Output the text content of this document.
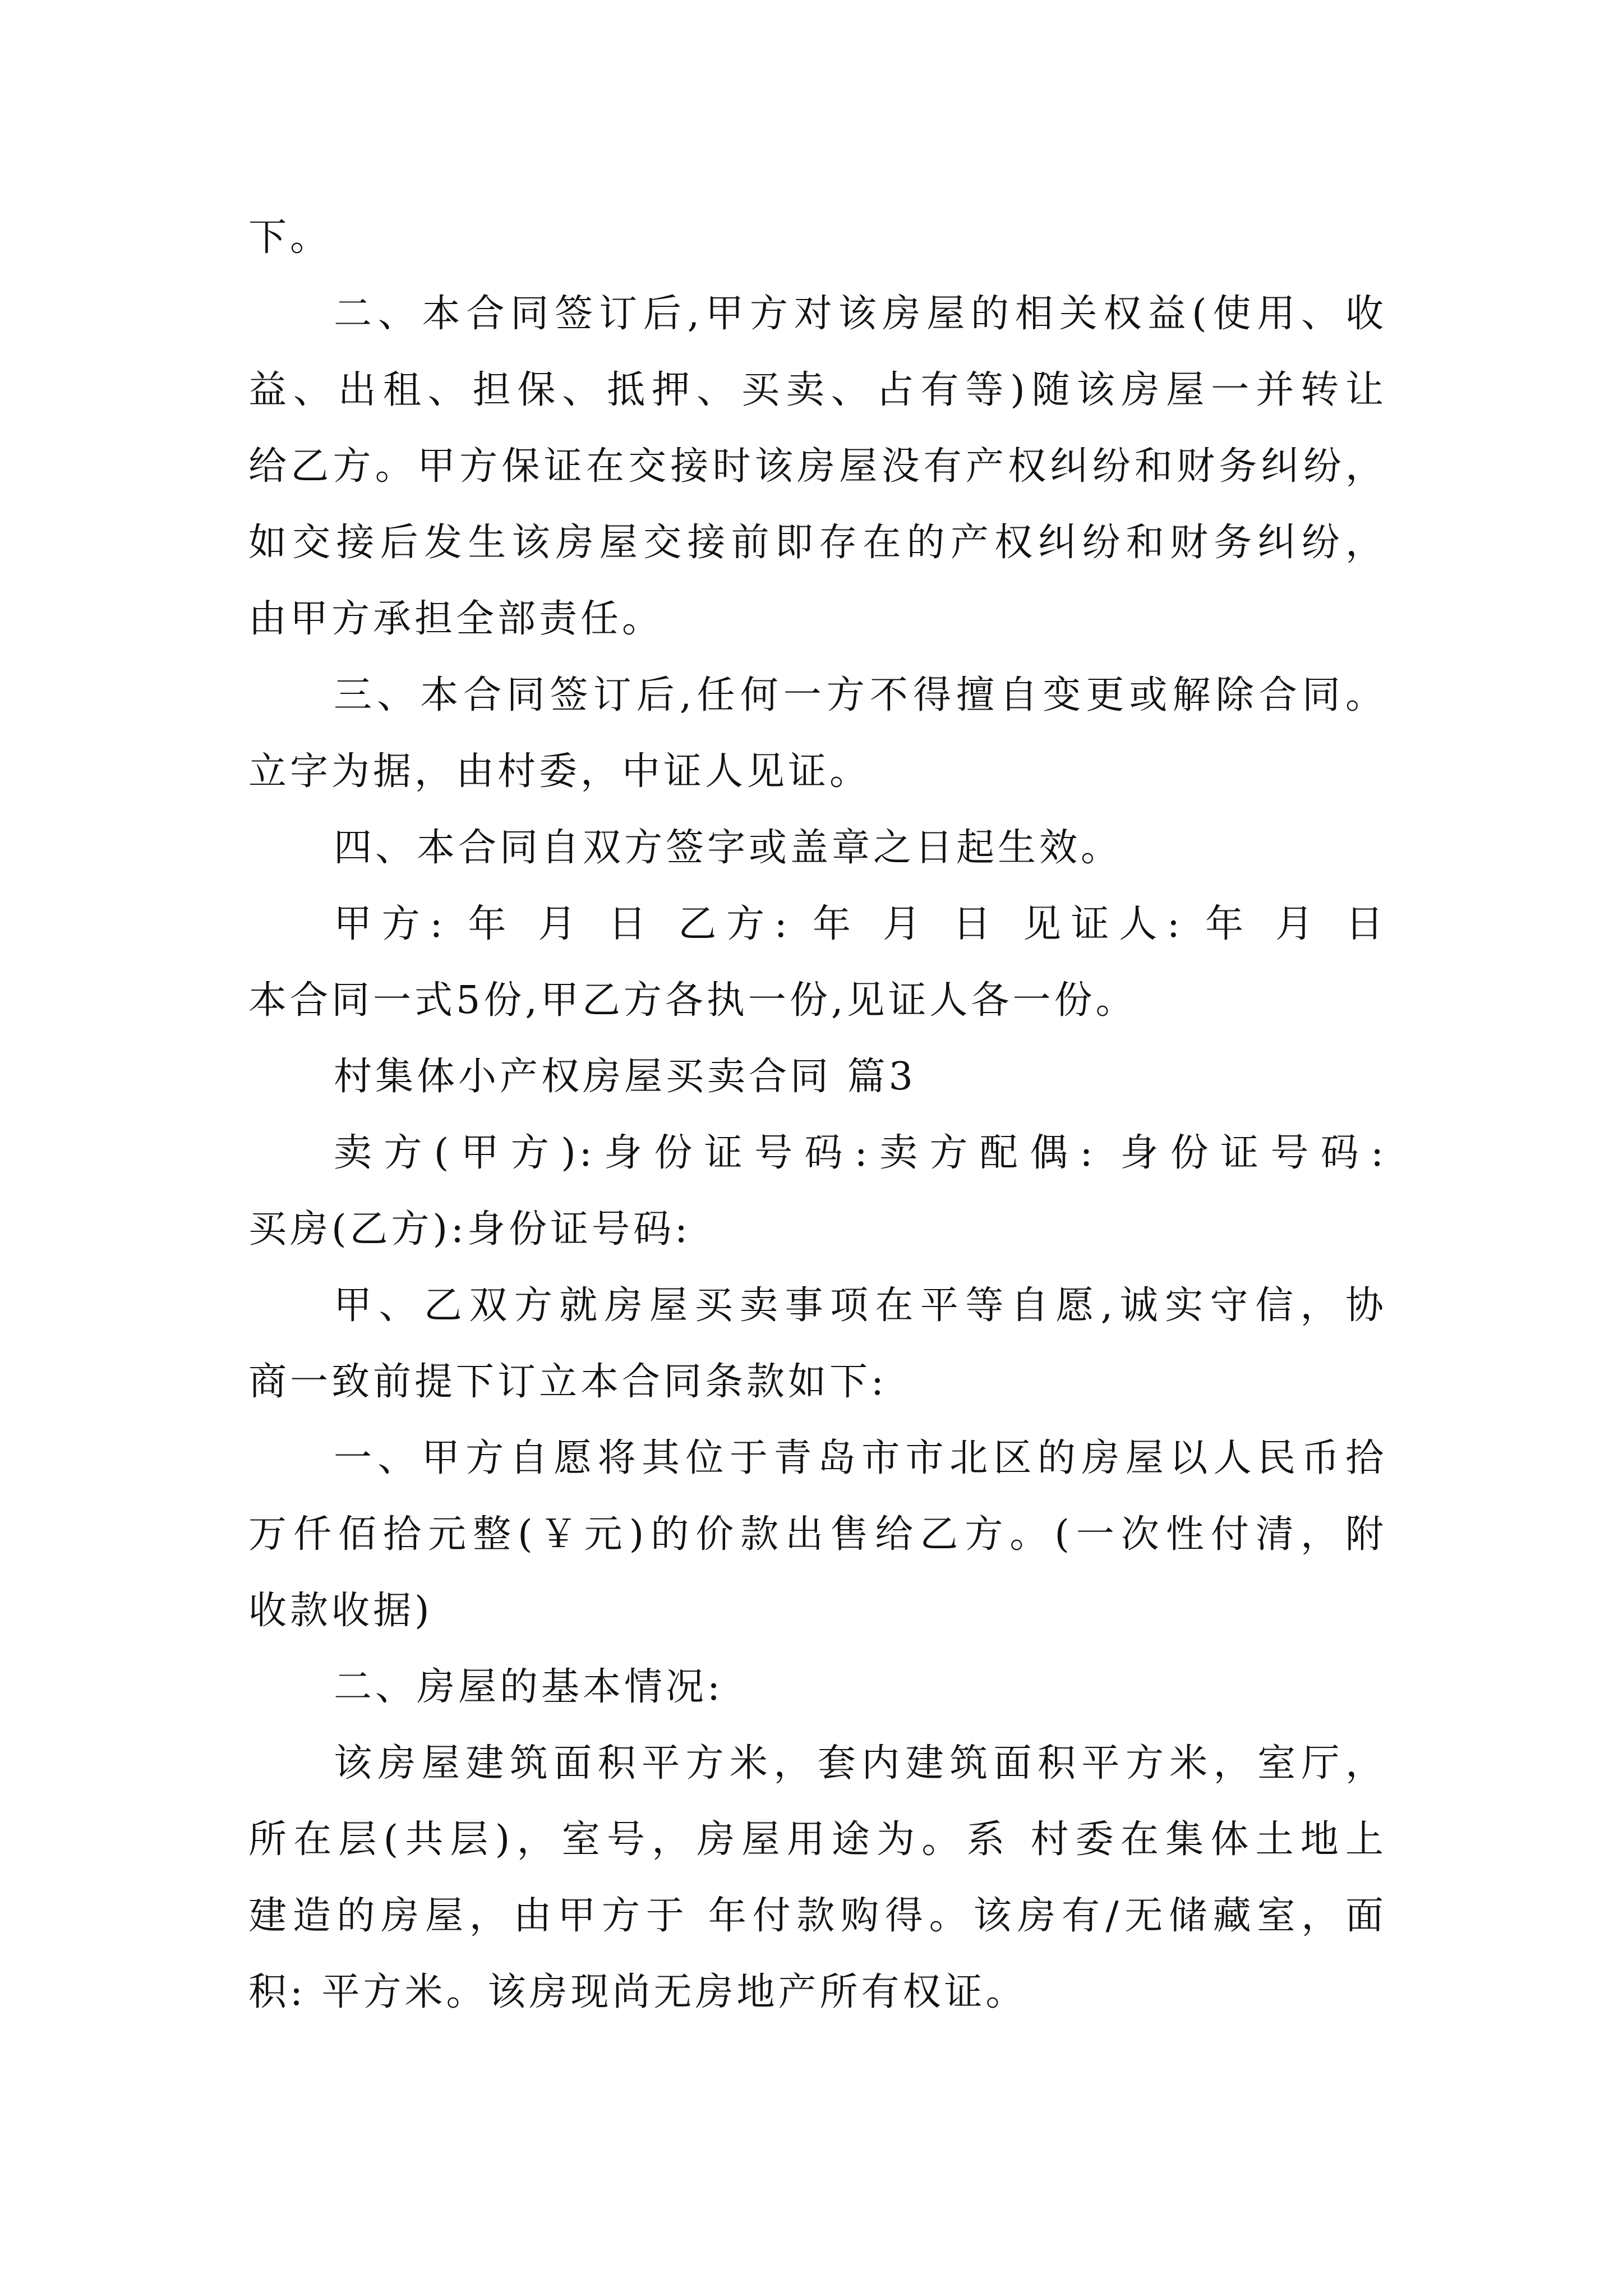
下。
二、本合同签订后,甲方对该房屋的相关权益(使用、收
益、出租、担保、抵押、买卖、占有等)随该房屋一并转让
给乙方。甲方保证在交接时该房屋没有产权纠纷和财务纠纷，
如交接后发生该房屋交接前即存在的产权纠纷和财务纠纷，
由甲方承担全部责任。
三、本合同签订后,任何一方不得擅自变更或解除合同。
立字为据，由村委，中证人见证。
四、本合同自双方签字或盖章之日起生效。
甲方: 年 月 日 乙方: 年 月 日 见证人: 年 月 日
本合同一式5份,甲乙方各执一份,见证人各一份。
村集体小产权房屋买卖合同 篇3
卖方(甲方):身份证号码:卖方配偶: 身份证号码:
买房(乙方):身份证号码:
甲、乙双方就房屋买卖事项在平等自愿,诚实守信，协
商一致前提下订立本合同条款如下:
一、甲方自愿将其位于青岛市市北区的房屋以人民币拾
万仟佰拾元整(￥元)的价款出售给乙方。(一次性付清，附
收款收据)
二、房屋的基本情况:
该房屋建筑面积平方米，套内建筑面积平方米，室厅，
所在层(共层)，室号，房屋用途为。系 村委在集体土地上
建造的房屋，由甲方于 年付款购得。该房有/无储藏室，面
积: 平方米。该房现尚无房地产所有权证。
